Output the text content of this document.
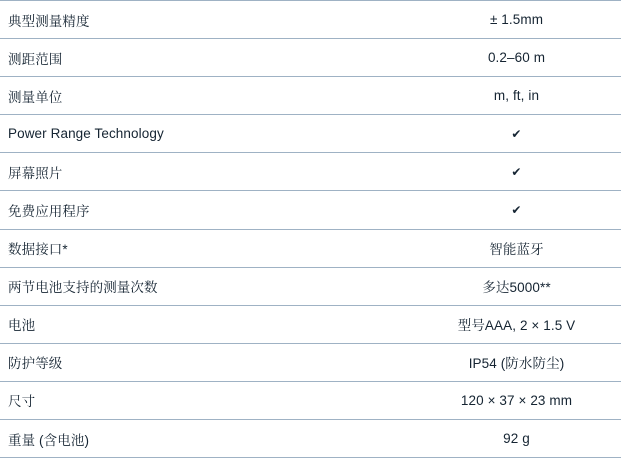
典型测量精度	± 1.5mm
测距范围	0.2–60 m
测量单位	m, ft, in
Power Range Technology	✔
屏幕照片	✔
免费应用程序	✔
数据接口*	智能蓝牙
两节电池支持的测量次数	多达5000**
电池	型号AAA, 2 × 1.5 V
防护等级	IP54 (防水防尘)
尺寸	120 × 37 × 23 mm
重量 (含电池)	92 g
